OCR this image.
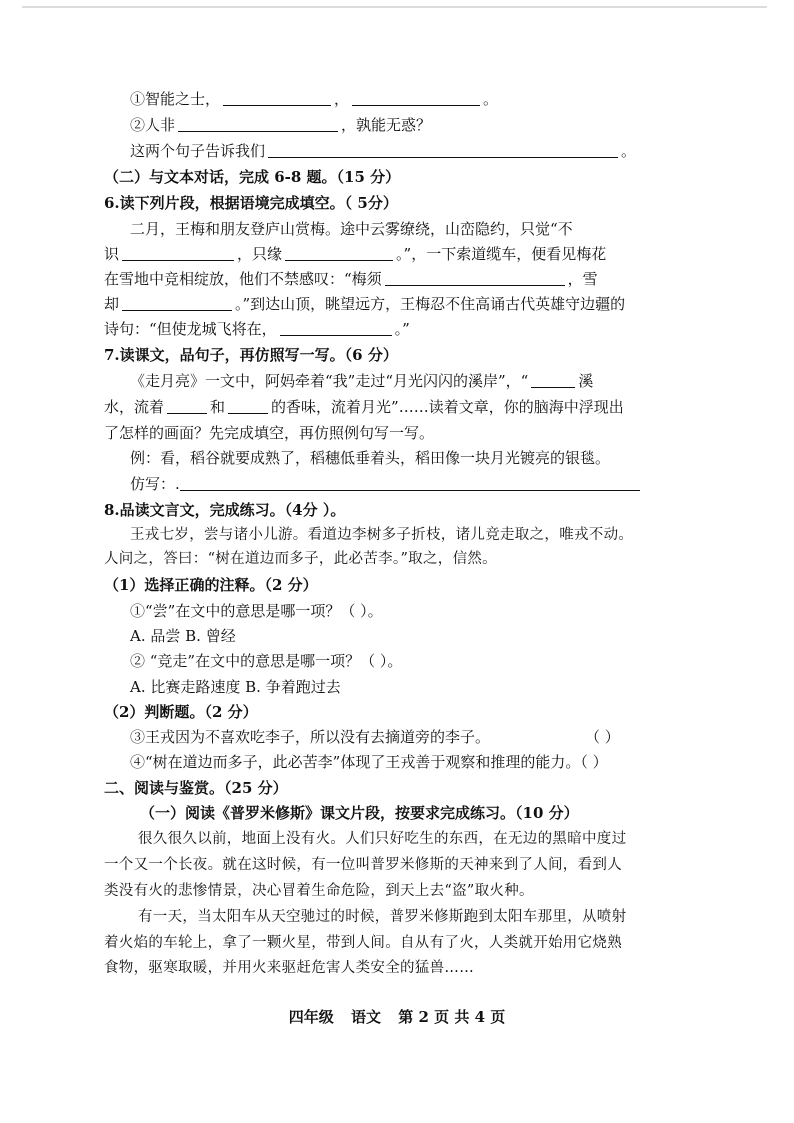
①智能之士，	，	。
②人非	，孰能无惑？
这两个句子告诉我们	。
（二）与文本对话，完成 6-8 题。（15 分）
6.读下列片段，根据语境完成填空。（ 5分）
二月，王梅和朋友登庐山赏梅。途中云雾缭绕，山峦隐约，只觉“不
识	，只缘	。”，一下索道缆车，便看见梅花
在雪地中竞相绽放，他们不禁感叹：“梅须	，雪
却	。”到达山顶，眺望远方，王梅忍不住高诵古代英雄守边疆的
诗句：“但使龙城飞将在，	。”
7.读课文，品句子，再仿照写一写。（6 分）
《走月亮》一文中，阿妈牵着“我”走过“月光闪闪的溪岸”，“	溪
水，流着	和	的香味，流着月光”……读着文章，你的脑海中浮现出
了怎样的画面？先完成填空，再仿照例句写一写。
例：看，稻谷就要成熟了，稻穗低垂着头，稻田像一块月光镀亮的银毯。
仿写：.
8.品读文言文，完成练习。（4分 ）。
王戎七岁，尝与诸小儿游。看道边李树多子折枝，诸儿竞走取之，唯戎不动。
人问之，答曰：“树在道边而多子，此必苦李。”取之，信然。
（1）选择正确的注释。（2 分）
①“尝”在文中的意思是哪一项？（ ）。
A. 品尝 B. 曾经
② “竞走”在文中的意思是哪一项？（ ）。
A. 比赛走路速度 B. 争着跑过去
（2）判断题。（2 分）
③王戎因为不喜欢吃李子，所以没有去摘道旁的李子。	（ ）
④“树在道边而多子，此必苦李”体现了王戎善于观察和推理的能力。（ ）
二、阅读与鉴赏。（25 分）
（一）阅读《普罗米修斯》课文片段，按要求完成练习。（10 分）
很久很久以前，地面上没有火。人们只好吃生的东西，在无边的黑暗中度过
一个又一个长夜。就在这时候，有一位叫普罗米修斯的天神来到了人间，看到人
类没有火的悲惨情景，决心冒着生命危险，到天上去“盗”取火种。
有一天，当太阳车从天空驰过的时候，普罗米修斯跑到太阳车那里，从喷射
着火焰的车轮上，拿了一颗火星，带到人间。自从有了火，人类就开始用它烧熟
食物，驱寒取暖，并用火来驱赶危害人类安全的猛兽……
四年级 语文 第 2 页 共 4 页
